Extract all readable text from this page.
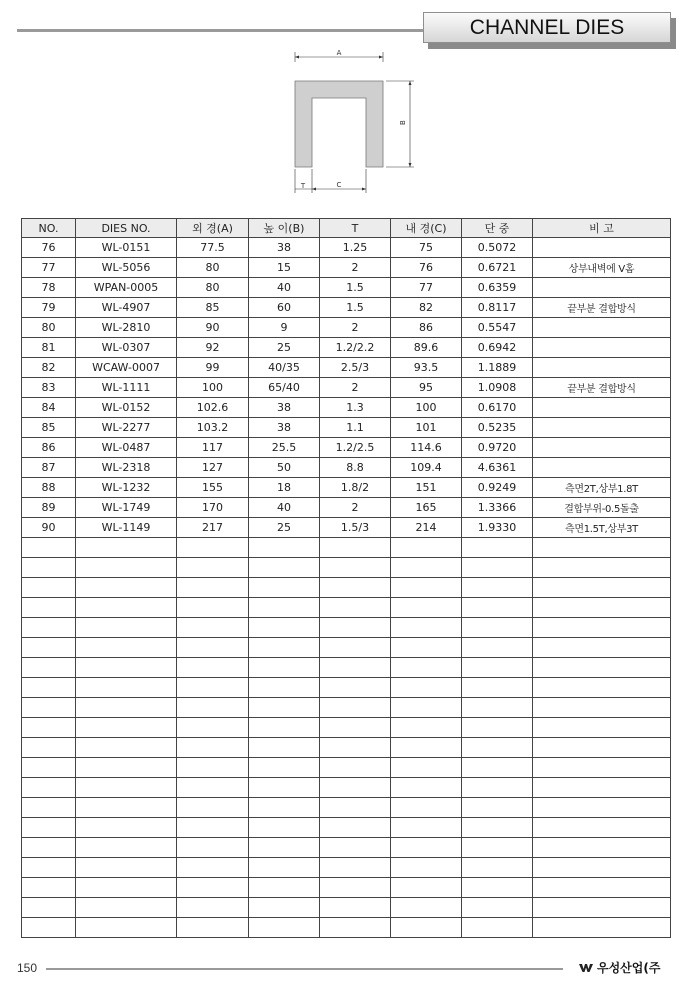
CHANNEL DIES
A
B
T	C
NO.	DIES NO.	외 경(A)	높 이(B)	T	내 경(C)	단 중	비 고
76	WL-0151	77.5	38	1.25	75	0.5072	
77	WL-5056	80	15	2	76	0.6721	상부내벽에 V홈
78	WPAN-0005	80	40	1.5	77	0.6359	
79	WL-4907	85	60	1.5	82	0.8117	끝부분 결합방식
80	WL-2810	90	9	2	86	0.5547	
81	WL-0307	92	25	1.2/2.2	89.6	0.6942	
82	WCAW-0007	99	40/35	2.5/3	93.5	1.1889	
83	WL-1111	100	65/40	2	95	1.0908	끝부분 결합방식
84	WL-0152	102.6	38	1.3	100	0.6170	
85	WL-2277	103.2	38	1.1	101	0.5235	
86	WL-0487	117	25.5	1.2/2.5	114.6	0.9720	
87	WL-2318	127	50	8.8	109.4	4.6361	
88	WL-1232	155	18	1.8/2	151	0.9249	측면2T,상부1.8T
89	WL-1749	170	40	2	165	1.3366	결합부위-0.5돌출
90	WL-1149	217	25	1.5/3	214	1.9330	측면1.5T,상부3T

150	우성산업(주
